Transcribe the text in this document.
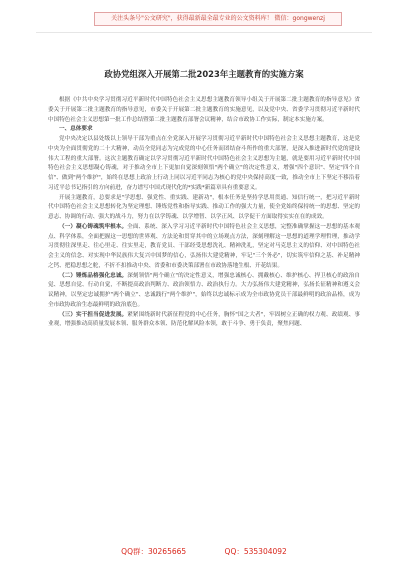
关注头条号"公文研究"，获得最新最全最专业的公文资料库！ 微信：gongwenzj
政协党组深入开展第二批2023年主题教育的实施方案

根据《中共中央学习贯彻习近平新时代中国特色社会主义思想主题教育领导小组关于开展第二批主题教育的指导意见》省委关于开展第二批主题教育的指导意见，市委关于开展第二批主题教育的实施意见，以及党中央、省委学习贯彻习近平新时代中国特色社会主义思想第一批工作总结暨第二批主题教育部署会议精神，结合市政协工作实际，制定本实施方案。

一、总体要求

党中央决定以县处级以上领导干部为重点在全党深入开展学习贯彻习近平新时代中国特色社会主义思想主题教育，这是党中央为全面贯彻党的二十大精神，动员全党同志为完成党的中心任务而团结奋斗所作的重大部署，是深入推进新时代党的建设伟大工程的重大部署。这次主题教育确定以学习贯彻习近平新时代中国特色社会主义思想为主题，就是要用习近平新时代中国特色社会主义思想凝心铸魂，对于推动全市上下更加自觉深刻领悟"两个确立"的决定性意义，增强"四个意识"、坚定"四个自信"、做到"两个维护"，始终在思想上政治上行动上同以习近平同志为核心的党中央保持高度一致，推动全市上下坚定不移沿着习近平总书记指引的方向前进，奋力谱写中国式现代化的*实践*新篇章具有重要意义。

开展主题教育，总要求是"学思想、强党性、重实践、建新功"，根本任务是坚持学思用贯通、知信行统一，把习近平新时代中国特色社会主义思想转化为坚定理想、锤炼党性和指导实践、推动工作的强大力量，使全党始终保持统一的思想、坚定的意志、协调的行动、强大的战斗力，努力在以学铸魂、以学增智、以学正风、以学促干方面取得实实在在的成效。

（一）凝心铸魂筑牢根本。全面、系统、深入学习习近平新时代中国特色社会主义思想，完整准确掌握这一思想的基本观点、科学体系，全面把握这一思想的世界观、方法论和贯穿其中的立场观点方法，深刻理解这一思想的道理学理哲理，推动学习贯彻往深里走、往心里走、往实里走，教育党员、干部经受思想洗礼、精神洗礼，坚定对马克思主义的信仰、对中国特色社会主义的信念、对实现中华民族伟大复兴中国梦的信心，弘扬伟大建党精神，牢记"三个务必"，切实筑牢信仰之基、补足精神之钙、把稳思想之舵，不折不扣推动中央、省委和市委决策部署在市政协落地生根、开花结果。

（二）锤炼品格强化忠诚。深刻领悟"两个确立"的决定性意义，增强忠诚核心、拥戴核心、维护核心、捍卫核心的政治自觉、思想自觉、行动自觉，不断提高政治判断力、政治领悟力、政治执行力。大力弘扬伟大建党精神，弘扬长征精神和遵义会议精神，以坚定忠诚拥护"两个确立"、忠诚践行"两个维护"，始终以忠诚标示成为全市政协党员干部最鲜明的政治品格，成为全市政协政治生态最鲜明的政治底色。

（三）实干担当促进发展。紧紧围绕新时代新征程党的中心任务，胸怀"国之大者"，牢固树立正确的权力观、政绩观、事业观，增强推动高质量发展本领、服务群众本领、防范化解风险本领，敢于斗争、勇于负责，聚焦问题、

QQ群：30265665	QQ：535304092
